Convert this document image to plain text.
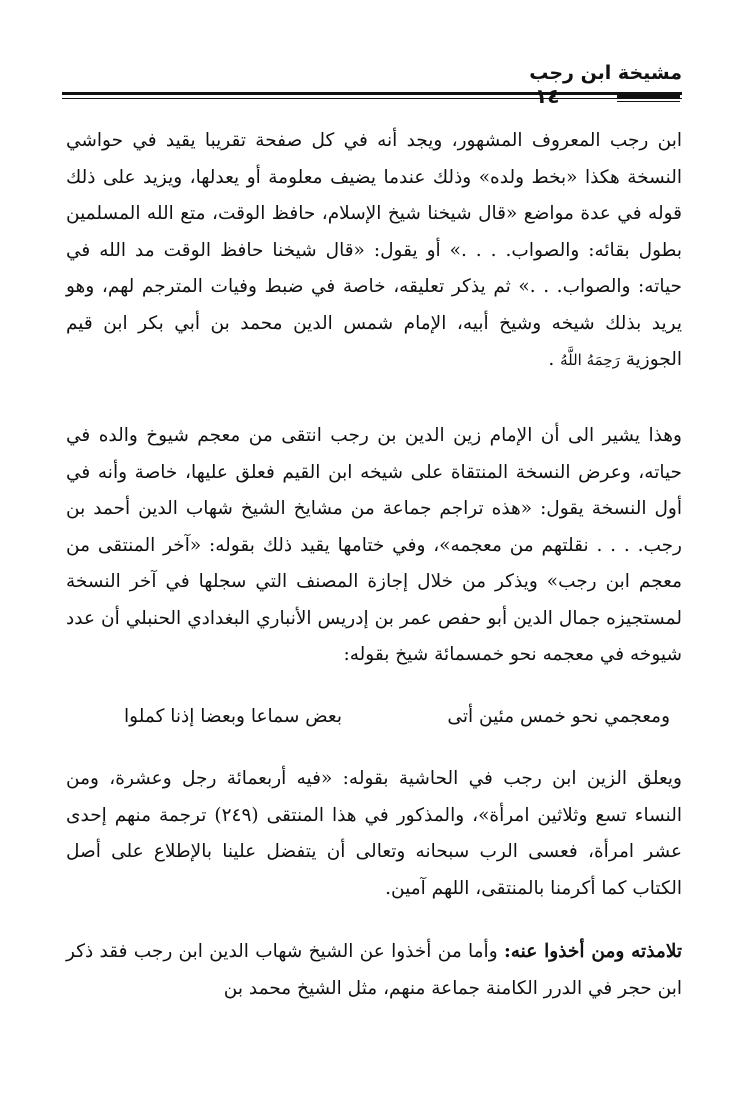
مشيخة ابن رجب
١٤
ابن رجب المعروف المشهور، ويجد أنه في كل صفحة تقريبا يقيد في حواشي النسخة هكذا «بخط ولده» وذلك عندما يضيف معلومة أو يعدلها، ويزيد على ذلك قوله في عدة مواضع «قال شيخنا شيخ الإسلام، حافظ الوقت، متع الله المسلمين بطول بقائه: والصواب. . . .» أو يقول: «قال شيخنا حافظ الوقت مد الله في حياته: والصواب. . .» ثم يذكر تعليقه، خاصة في ضبط وفيات المترجم لهم، وهو يريد بذلك شيخه وشيخ أبيه، الإمام شمس الدين محمد بن أبي بكر ابن قيم الجوزية رَحِمَهُ اللَّهُ .
وهذا يشير الى أن الإمام زين الدين بن رجب انتقى من معجم شيوخ والده في حياته، وعرض النسخة المنتقاة على شيخه ابن القيم فعلق عليها، خاصة وأنه في أول النسخة يقول: «هذه تراجم جماعة من مشايخ الشيخ شهاب الدين أحمد بن رجب. . . . نقلتهم من معجمه»، وفي ختامها يقيد ذلك بقوله: «آخر المنتقى من معجم ابن رجب» ويذكر من خلال إجازة المصنف التي سجلها في آخر النسخة لمستجيزه جمال الدين أبو حفص عمر بن إدريس الأنباري البغدادي الحنبلي أن عدد شيوخه في معجمه نحو خمسمائة شيخ بقوله:
ومعجمي نحو خمس مئين أتى
بعض سماعا وبعضا إذنا كملوا
ويعلق الزين ابن رجب في الحاشية بقوله: «فيه أربعمائة رجل وعشرة، ومن النساء تسع وثلاثين امرأة»، والمذكور في هذا المنتقى (٢٤٩) ترجمة منهم إحدى عشر امرأة، فعسى الرب سبحانه وتعالى أن يتفضل علينا بالإطلاع على أصل الكتاب كما أكرمنا بالمنتقى، اللهم آمين.
تلامذته ومن أخذوا عنه: وأما من أخذوا عن الشيخ شهاب الدين ابن رجب فقد ذكر ابن حجر في الدرر الكامنة جماعة منهم، مثل الشيخ محمد بن
